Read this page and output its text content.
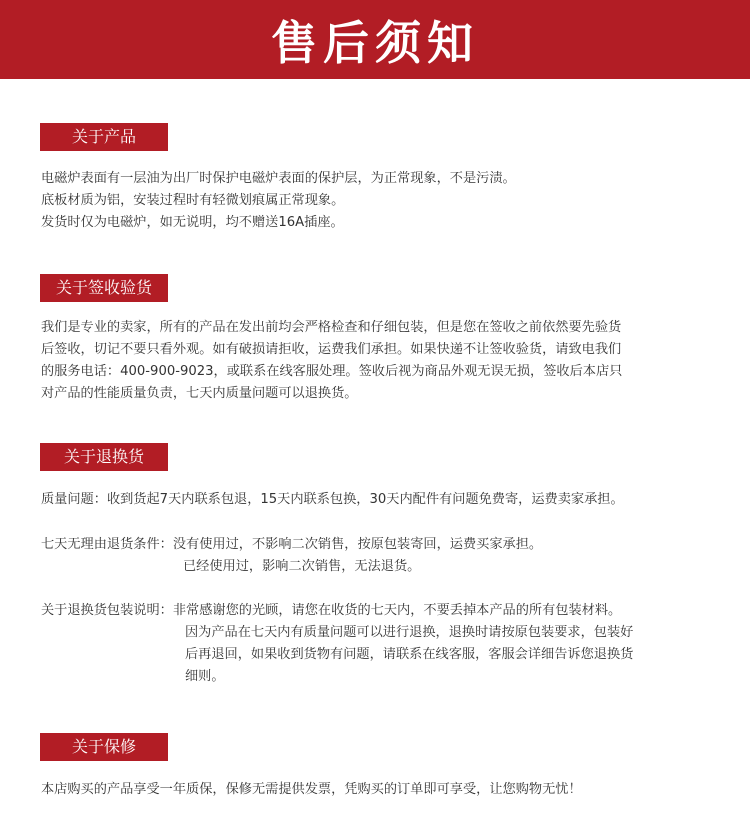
售后须知
关于产品
电磁炉表面有一层油为出厂时保护电磁炉表面的保护层，为正常现象，不是污渍。
底板材质为铝，安装过程时有轻微划痕属正常现象。
发货时仅为电磁炉，如无说明，均不赠送16A插座。
关于签收验货
我们是专业的卖家，所有的产品在发出前均会严格检查和仔细包装，但是您在签收之前依然要先验货
后签收，切记不要只看外观。如有破损请拒收，运费我们承担。如果快递不让签收验货，请致电我们
的服务电话：400-900-9023，或联系在线客服处理。签收后视为商品外观无误无损，签收后本店只
对产品的性能质量负责，七天内质量问题可以退换货。
关于退换货
质量问题： 收到货起7天内联系包退，15天内联系包换，30天内配件有问题免费寄，运费卖家承担。
七天无理由退货条件： 没有使用过，不影响二次销售，按原包装寄回，运费买家承担。
已经使用过，影响二次销售，无法退货。
关于退换货包装说明： 非常感谢您的光顾，请您在收货的七天内，不要丢掉本产品的所有包装材料。
因为产品在七天内有质量问题可以进行退换，退换时请按原包装要求，包装好
后再退回，如果收到货物有问题，请联系在线客服，客服会详细告诉您退换货
细则。
关于保修
本店购买的产品享受一年质保，保修无需提供发票，凭购买的订单即可享受，让您购物无忧！
